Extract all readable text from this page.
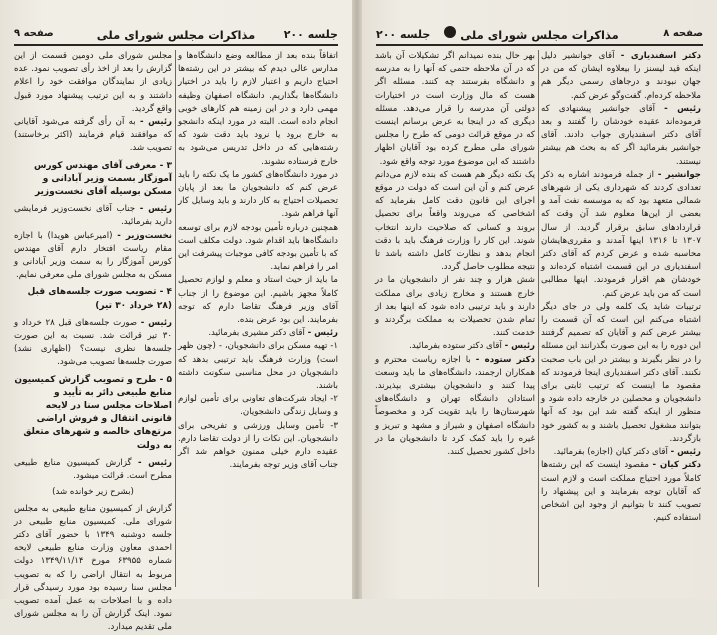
جلسه ۲۰۰
مذاکرات مجلس شورای ملی
صفحه ۹
اتفاقاً بنده بعد از مطالعه وضع دانشگاه‌ها و مدارس عالی دیدم که بیشتر در این رشته‌ها احتیاج داریم و اعتبار لازم را باید در اختیار دانشگاه‌ها بگذاریم. دانشگاه اصفهان وظیفه مهمی دارد و در این زمینه هم کارهای خوبی انجام داده است. البته در مورد اینکه دانشجو به خارج برود یا نرود باید دقت شود که رشته‌هایی که در داخل تدریس می‌شود به خارج فرستاده نشوند.
در مورد دانشگاه‌های کشور ما یک نکته را باید عرض کنم که دانشجویان ما بعد از پایان تحصیلات احتیاج به کار دارند و باید وسایل کار آنها فراهم شود.
همچنین درباره تأمین بودجه لازم برای توسعه دانشگاه‌ها باید اقدام شود. دولت مکلف است که با تأمین بودجه کافی موجبات پیشرفت این امر را فراهم نماید.
ما باید از حیث استاد و معلم و لوازم تحصیل کاملاً مجهز باشیم. این موضوع را از جناب آقای وزیر فرهنگ تقاضا دارم که توجه بفرمایند. این بود عرض بنده.
رئیس - آقای دکتر مشیری بفرمائید.
۱- تهیه مسکن برای دانشجویان، - (چون ظهر است) وزارت فرهنگ باید ترتیبی بدهد که دانشجویان در محل مناسبی سکونت داشته باشند.
۲- ایجاد شرکت‌های تعاونی برای تأمین لوازم و وسایل زندگی دانشجویان.
۳- تأمین وسایل ورزشی و تفریحی برای دانشجویان. این نکات را از دولت تقاضا دارم. عقیده دارم خیلی ممنون خواهم شد اگر جناب آقای وزیر توجه بفرمایند.
مجلس شورای ملی دومین قسمت از این گزارش را بعد از اخذ رأی تصویب نمود. عده زیادی از نمایندگان موافقت خود را اعلام داشتند و به این ترتیب پیشنهاد مورد قبول واقع گردید.
رئیس - به آن رأی گرفته می‌شود آقایانی که موافقند قیام فرمایند (اکثر برخاستند) تصویب شد.
۳ - معرفی آقای مهندس کورس آموزگار بسمت وزیر آبادانی و مسکن بوسیله آقای نخست‌وزیر
رئیس - جناب آقای نخست‌وزیر فرمایشی دارید بفرمائید.
نخست‌وزیر - (امیرعباس هویدا) با اجازه مقام ریاست افتخار دارم آقای مهندس کورس آموزگار را به سمت وزیر آبادانی و مسکن به مجلس شورای ملی معرفی نمایم.
۴ - تصویب صورت جلسه‌های قبل (۲۸ خرداد ۳۰ تیر)
رئیس - صورت جلسه‌های قبل ۲۸ خرداد و ۳۰ تیر قرائت شد. نسبت به این صورت جلسه‌ها نظری نیست؟ (اظهاری نشد) صورت جلسه‌ها تصویب می‌شود.
۵ - طرح و تصویب گزارش کمیسیون منابع طبیعی دائر به تأیید و اصلاحات مجلس سنا در لایحه قانونی انتقال و فروش اراضی مرتع‌های خالصه و شهرهای متعلق به دولت
رئیس - گزارش کمیسیون منابع طبیعی مطرح است. قرائت میشود.
(بشرح زیر خوانده شد)
گزارش از کمیسیون منابع طبیعی به مجلس شورای ملی. کمیسیون منابع طبیعی در جلسه دوشنبه ۱۳۴۹ با حضور آقای دکتر احمدی معاون وزارت منابع طبیعی لایحه شماره ۶۳۹۵۵ مورخ ۱۳۴۹/۱۱/۱۴ دولت مربوط به انتقال اراضی را که به تصویب مجلس سنا رسیده بود مورد رسیدگی قرار داده و با اصلاحات به عمل آمده تصویب نمود. اینک گزارش آن را به مجلس شورای ملی تقدیم میدارد.
صفحه ۸
مذاکرات مجلس شورای ملی
جلسه ۲۰۰
دکتر اسفندیاری - آقای جوانشیر دلیل اینکه قید لیسنز را بیعلاوه ایشان که من در جهان نبودند و درجاهای رسمی دیگر هم ملاحظه کرده‌ام. گفت‌وگو عرض کنم.
رئیس - آقای جوانشیر پیشنهادی که فرموده‌اند عقیده خودشان را گفتند و بعد آقای دکتر اسفندیاری جواب دادند. آقای جوانشیر بفرمائید اگر که به بحث هم بیشتر نیستند.
جوانشیر - از جمله فرمودند اشاره به ذکر تعدادی کردند که شهرداری یکی از شهرهای شمالی متعهد بود که به موسسه نفت آمد و بعضی از این‌ها معلوم شد آن وقت که قراردادهای سابق برقرار گردید. از سال ۱۳۰۷ تا ۱۳۱۶ اینها آمدند و مقرری‌هایشان محاسبه شده و عرض کردم که آقای دکتر اسفندیاری در این قسمت اشتباه کرده‌اند و خودشان هم اقرار فرمودند. اینها مطالبی است که من باید عرض کنم.
ترتیبات شاید یک کلمه ولی در جای دیگر اشتباه می‌کنم این است که آن قسمت را بیشتر عرض کنم و آقایان که تصمیم گرفتند این دوره را به این صورت بگذرانند این مسئله را در نظر بگیرند و بیشتر در این باب صحبت نکنند. آقای دکتر اسفندیاری اینجا فرمودند که مقصود ما اینست که ترتیب ثابتی برای دانشجویان و محصلین در خارجه داده شود و منظور از اینکه گفته شد این بود که آنها بتوانند مشغول تحصیل باشند و به کشور خود بازگردند.
رئیس - آقای دکتر کیان (اجازه) بفرمائید.
دکتر کیان - مقصود اینست که این رشته‌ها کاملاً مورد احتیاج مملکت است و لازم است که آقایان توجه بفرمایند و این پیشنهاد را تصویب کنند تا بتوانیم از وجود این اشخاص استفاده کنیم.
بهر حال بنده نمیدانم اگر تشکیلات آن باشد که در آن ملاحظه حتمی که آنها را به مدرسه و دانشگاه بفرستند چه کنند. مسئله اگر هست که مال وزارت است در اختیارات دولتی آن مدرسه را قرار می‌دهد. مسئله دیگری که در اینجا به عرض برسانم اینست که در موقع قرائت دومی که طرح را مجلس شورای ملی مطرح کرده بود آقایان اظهار داشتند که این موضوع مورد توجه واقع شود.
یک نکته دیگر هم هست که بنده لازم می‌دانم عرض کنم و آن این است که دولت در موقع اجرای این قانون دقت کامل بفرماید که اشخاصی که می‌روند واقعاً برای تحصیل بروند و کسانی که صلاحیت دارند انتخاب شوند. این کار را وزارت فرهنگ باید با دقت انجام بدهد و نظارت کامل داشته باشد تا نتیجه مطلوب حاصل گردد.
شش هزار و چند نفر از دانشجویان ما در خارج هستند و مخارج زیادی برای مملکت دارند و باید ترتیبی داده شود که اینها بعد از تمام شدن تحصیلات به مملکت برگردند و خدمت کنند.
رئیس - آقای دکتر ستوده بفرمائید.
دکتر ستوده - با اجازه ریاست محترم و همکاران ارجمند، دانشگاه‌های ما باید وسعت پیدا کنند و دانشجویان بیشتری بپذیرند. استادان دانشگاه تهران و دانشگاه‌های شهرستان‌ها را باید تقویت کرد و مخصوصاً دانشگاه اصفهان و شیراز و مشهد و تبریز و غیره را باید کمک کرد تا دانشجویان ما در داخل کشور تحصیل کنند.
